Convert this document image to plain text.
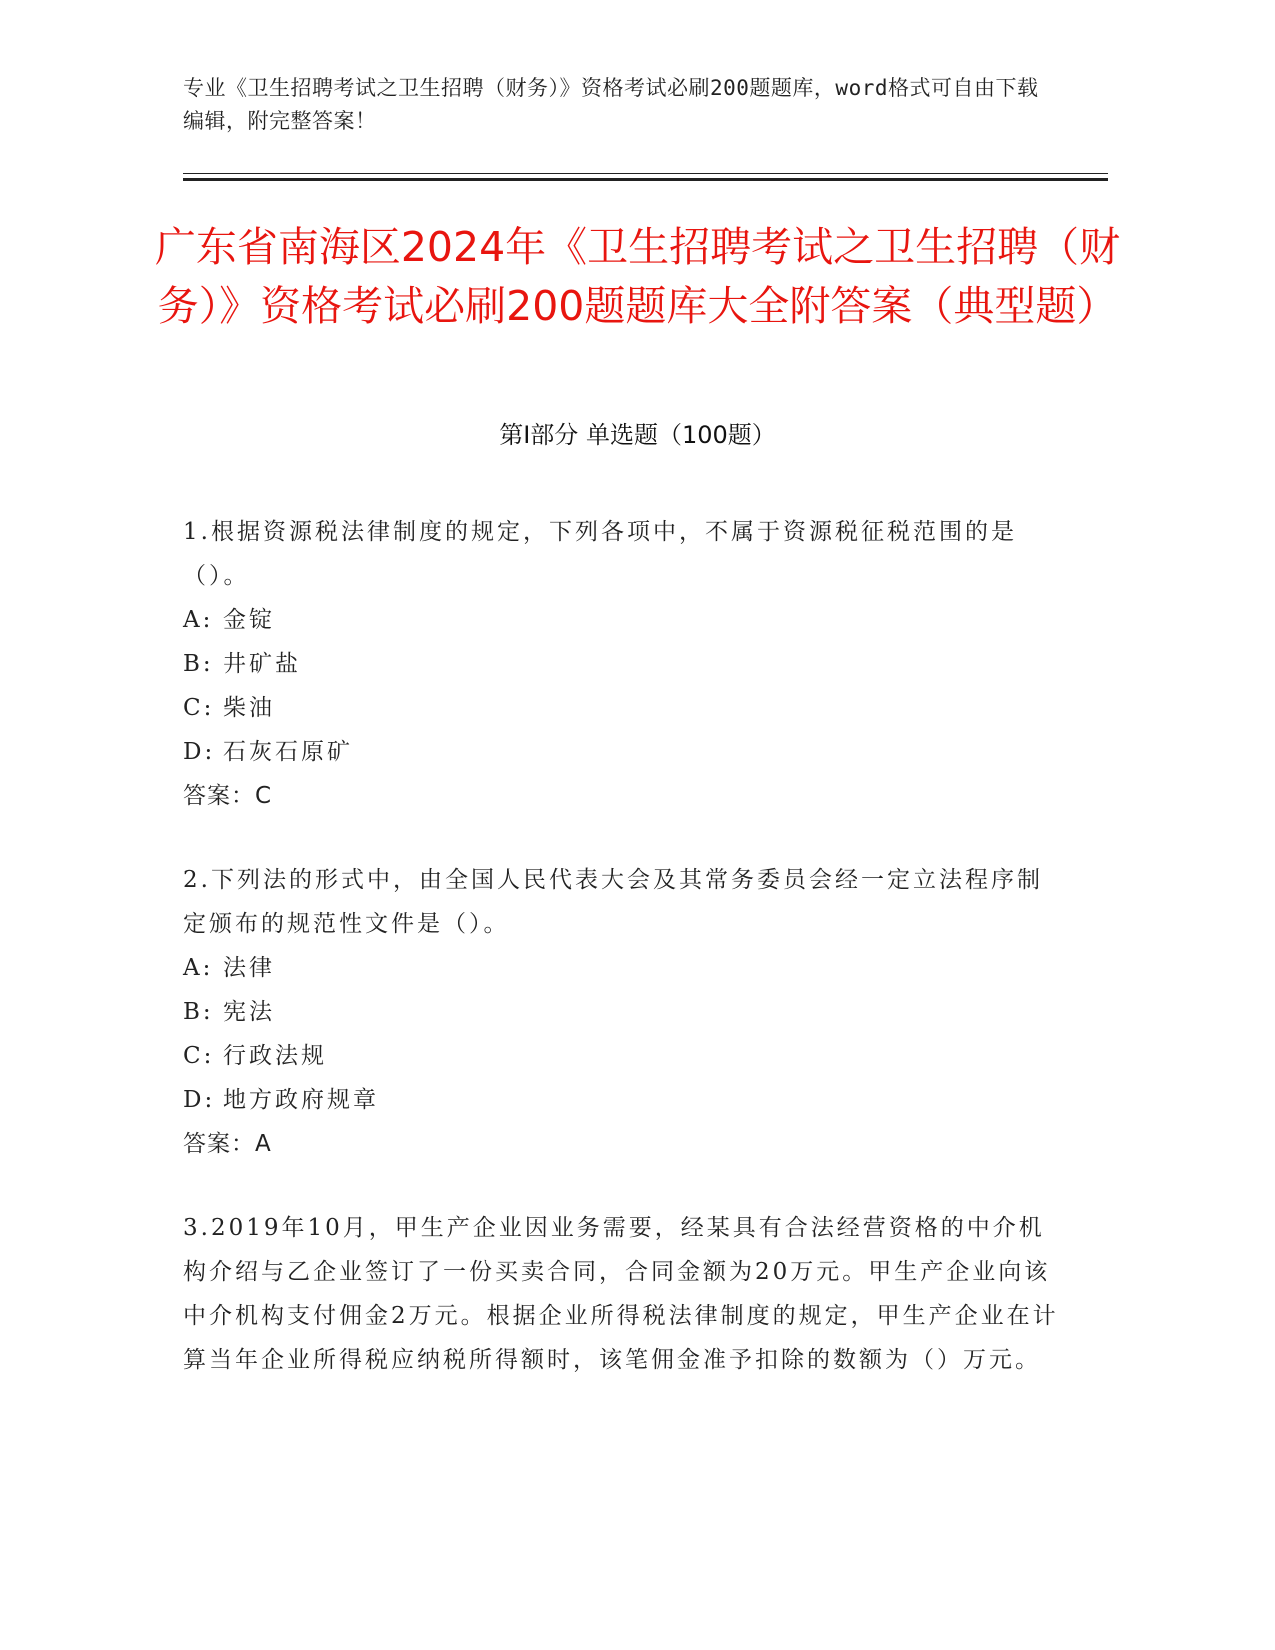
专业《卫生招聘考试之卫生招聘（财务）》资格考试必刷200题题库，word格式可自由下载编辑，附完整答案！
广东省南海区2024年《卫生招聘考试之卫生招聘（财务）》资格考试必刷200题题库大全附答案（典型题）
第Ⅰ部分 单选题（100题）
1.根据资源税法律制度的规定，下列各项中，不属于资源税征税范围的是（）。
A: 金锭
B: 井矿盐
C: 柴油
D: 石灰石原矿
答案：C
2.下列法的形式中，由全国人民代表大会及其常务委员会经一定立法程序制定颁布的规范性文件是（）。
A: 法律
B: 宪法
C: 行政法规
D: 地方政府规章
答案：A
3.2019年10月，甲生产企业因业务需要，经某具有合法经营资格的中介机构介绍与乙企业签订了一份买卖合同，合同金额为20万元。甲生产企业向该中介机构支付佣金2万元。根据企业所得税法律制度的规定，甲生产企业在计算当年企业所得税应纳税所得额时，该笔佣金准予扣除的数额为（）万元。
